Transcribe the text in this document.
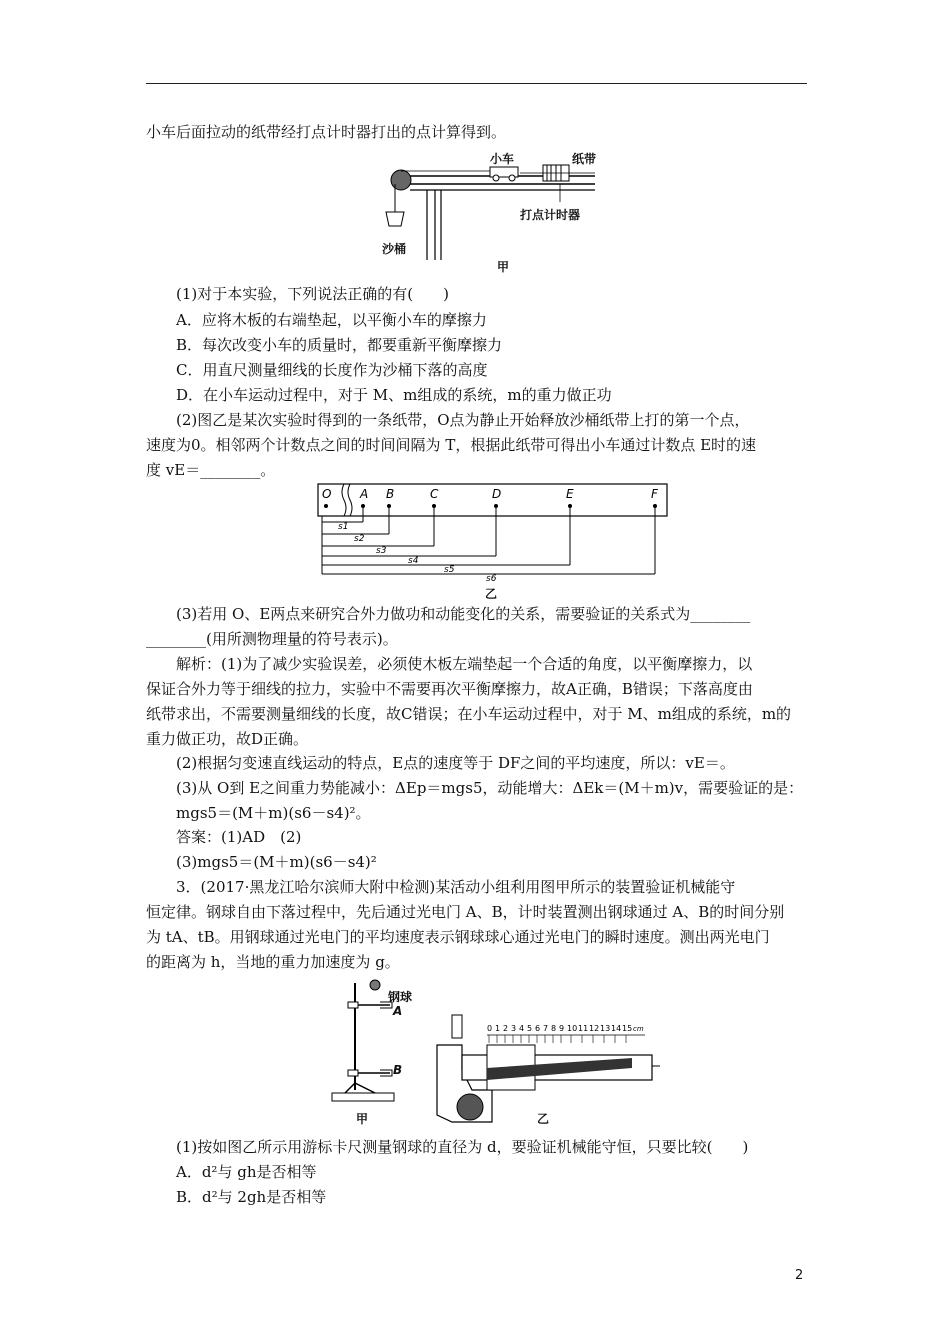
小车后面拉动的纸带经打点计时器打出的点计算得到。
小车	纸带
打点计时器
沙桶
甲
(1)对于本实验，下列说法正确的有(　　)
A．应将木板的右端垫起，以平衡小车的摩擦力
B．每次改变小车的质量时，都要重新平衡摩擦力
C．用直尺测量细线的长度作为沙桶下落的高度
D．在小车运动过程中，对于 M、m组成的系统，m的重力做正功
(2)图乙是某次实验时得到的一条纸带，O点为静止开始释放沙桶纸带上打的第一个点，
速度为0。相邻两个计数点之间的时间间隔为 T，根据此纸带可得出小车通过计数点 E时的速
度 vE＝________。
O A B	C	D	E	F
s1
s2
s3
s4
s5
s6
乙
(3)若用 O、E两点来研究合外力做功和动能变化的关系，需要验证的关系式为________
________(用所测物理量的符号表示)。
解析：(1)为了减少实验误差，必须使木板左端垫起一个合适的角度，以平衡摩擦力，以
保证合外力等于细线的拉力，实验中不需要再次平衡摩擦力，故A正确，B错误；下落高度由
纸带求出，不需要测量细线的长度，故C错误；在小车运动过程中，对于 M、m组成的系统，m的
重力做正功，故D正确。
(2)根据匀变速直线运动的特点，E点的速度等于 DF之间的平均速度，所以：vE＝。
(3)从 O到 E之间重力势能减小：ΔEp＝mgs5，动能增大：ΔEk＝(M＋m)v，需要验证的是：
mgs5＝(M＋m)(s6－s4)²。
答案：(1)AD　(2)
(3)mgs5＝(M＋m)(s6－s4)²
3．(2017·黑龙江哈尔滨师大附中检测)某活动小组利用图甲所示的装置验证机械能守
恒定律。钢球自由下落过程中，先后通过光电门 A、B，计时装置测出钢球通过 A、B的时间分别
为 tA、tB。用钢球通过光电门的平均速度表示钢球球心通过光电门的瞬时速度。测出两光电门
的距离为 h，当地的重力加速度为 g。
钢球
A
B
甲
0 1 2 3 4 5 6 7 8 9 10 11 12 13 14 15 cm
乙
(1)按如图乙所示用游标卡尺测量钢球的直径为 d，要验证机械能守恒，只要比较(　　)
A．d²与 gh是否相等
B．d²与 2gh是否相等
2
